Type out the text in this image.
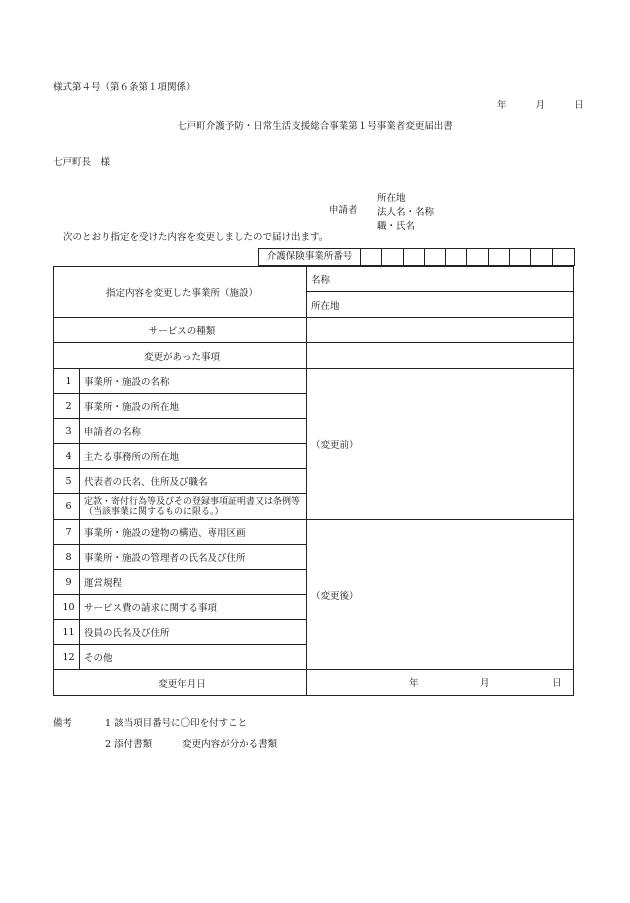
様式第４号（第６条第１項関係）
年	月	日
七戸町介護予防・日常生活支援総合事業第１号事業者変更届出書
七戸町長　様
申請者
所在地
法人名・名称
職・氏名
次のとおり指定を受けた内容を変更しましたので届け出ます。
介護保険事業所番号
指定内容を変更した事業所（施設）		名称
		所在地
サービスの種類		
変更があった事項		
1	事業所・施設の名称	（変更前）
2	事業所・施設の所在地	
3	申請者の名称	
4	主たる事務所の所在地	
5	代表者の氏名、住所及び職名	
6	定款・寄付行為等及びその登録事項証明書又は条例等（当該事業に関するものに限る。）	
7	事業所・施設の建物の構造、専用区画	（変更後）
8	事業所・施設の管理者の氏名及び住所	
9	運営規程	
10	サービス費の請求に関する事項	
11	役員の氏名及び住所	
12	その他	
変更年月日		年 月 日
備考	1 該当項目番号に〇印を付すこと
2 添付書類	変更内容が分かる書類
